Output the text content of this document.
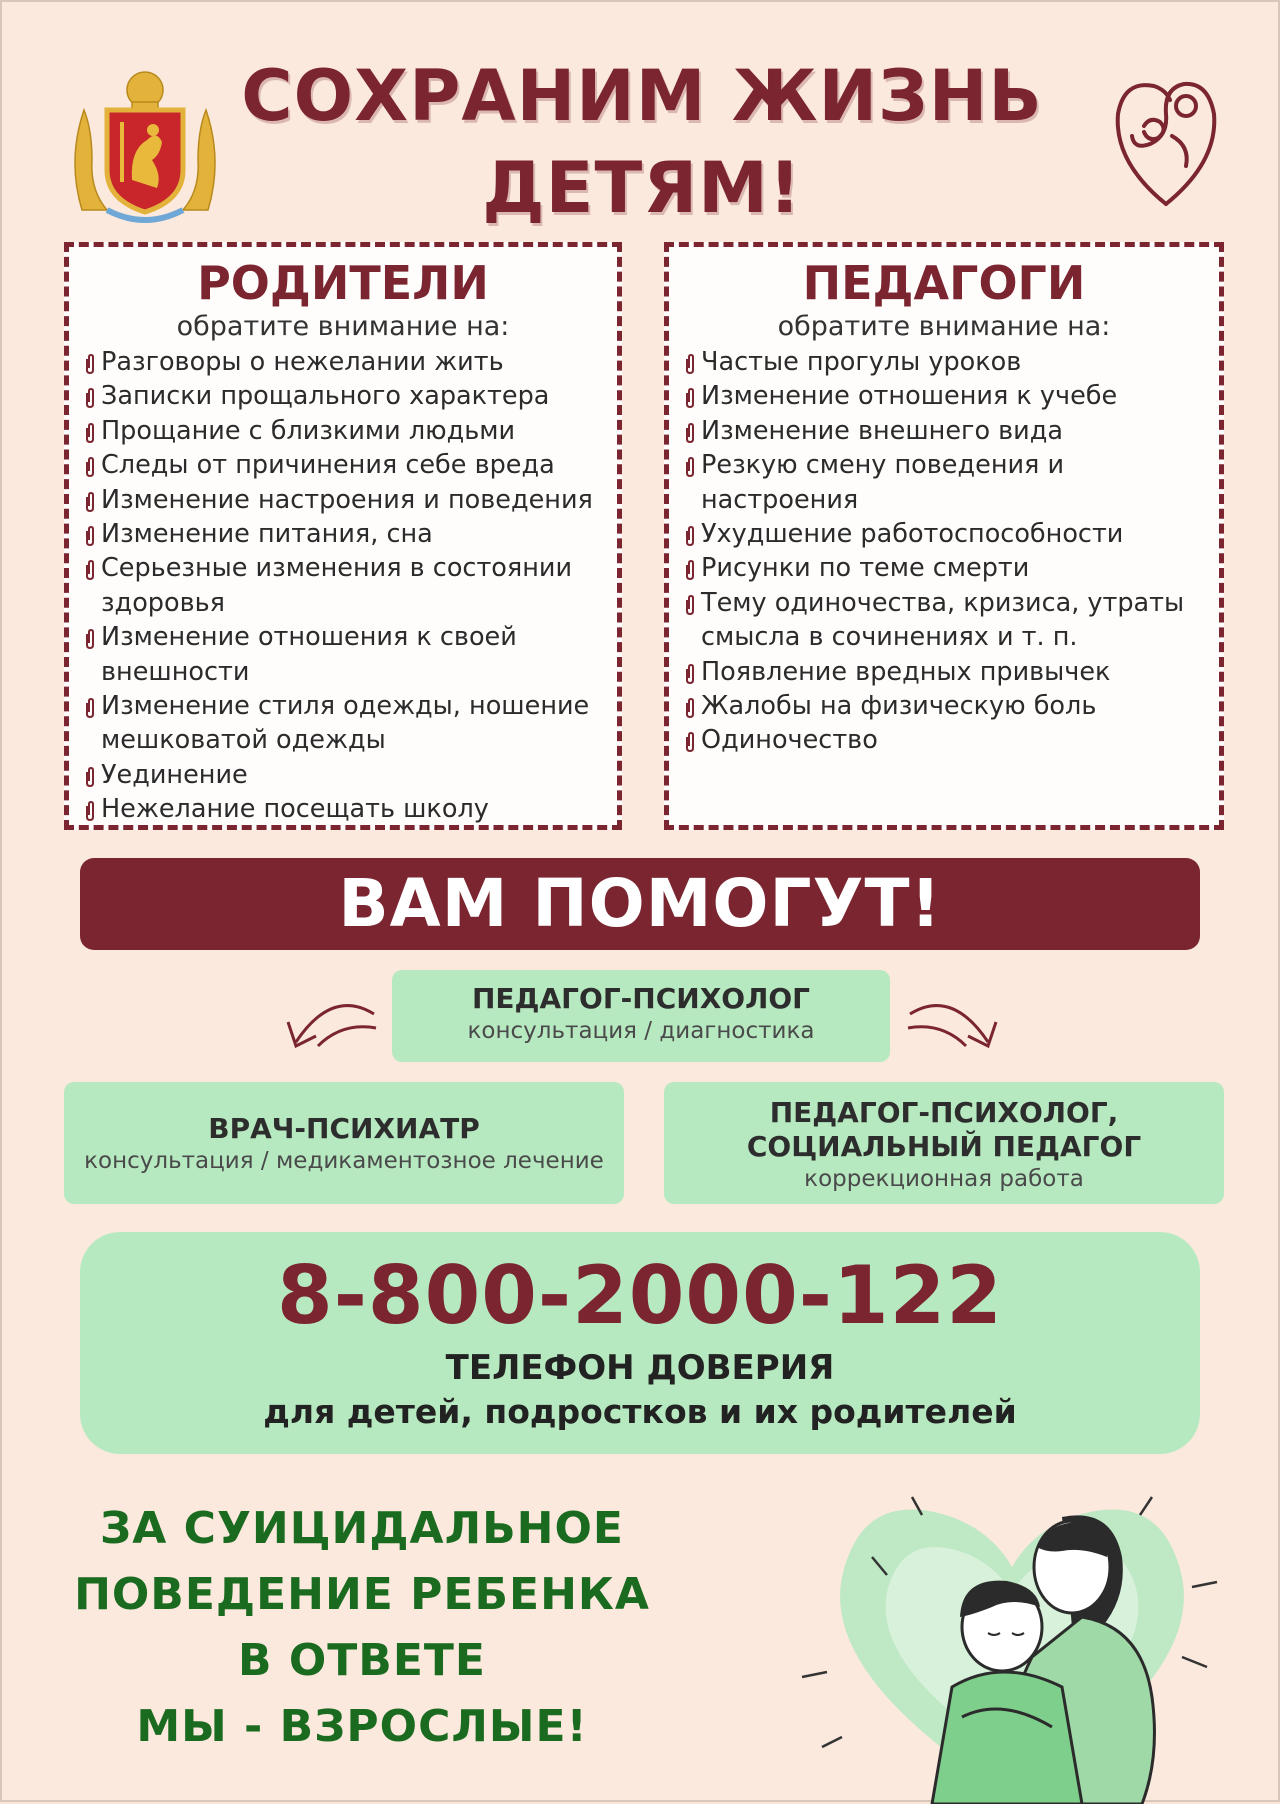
СОХРАНИМ ЖИЗНЬ
ДЕТЯМ!
РОДИТЕЛИ

обратите внимание на:

Разговоры о нежелании жить
Записки прощального характера
Прощание с близкими людьми
Следы от причинения себе вреда
Изменение настроения и поведения
Изменение питания, сна
Серьезные изменения в состоянии здоровья
Изменение отношения к своей внешности
Изменение стиля одежды, ношение мешковатой одежды
Уединение
Нежелание посещать школу
ПЕДАГОГИ

обратите внимание на:

Частые прогулы уроков
Изменение отношения к учебе
Изменение внешнего вида
Резкую смену поведения и настроения
Ухудшение работоспособности
Рисунки по теме смерти
Тему одиночества, кризиса, утраты смысла в сочинениях и т. п.
Появление вредных привычек
Жалобы на физическую боль
Одиночество
ВАМ ПОМОГУТ!
ПЕДАГОГ-ПСИХОЛОГ
консультация / диагностика
ВРАЧ-ПСИХИАТР
консультация / медикаментозное лечение
ПЕДАГОГ-ПСИХОЛОГ,
СОЦИАЛЬНЫЙ ПЕДАГОГ
коррекционная работа
8-800-2000-122
ТЕЛЕФОН ДОВЕРИЯ
для детей, подростков и их родителей
ЗА СУИЦИДАЛЬНОЕ
ПОВЕДЕНИЕ РЕБЕНКА
В ОТВЕТЕ
МЫ - ВЗРОСЛЫЕ!
